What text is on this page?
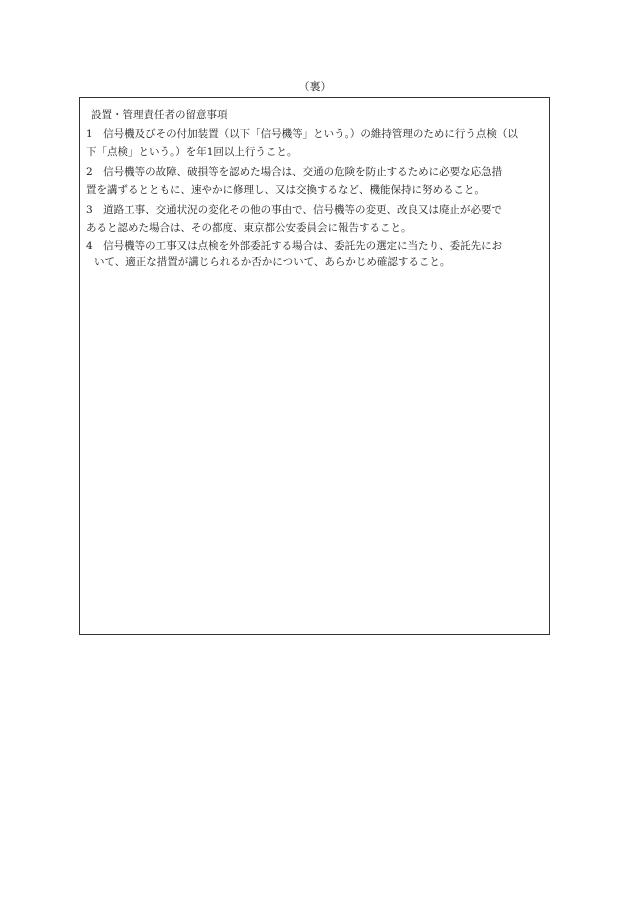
（裏）
設置・管理責任者の留意事項
1　信号機及びその付加装置（以下「信号機等」という。）の維持管理のために行う点検（以
下「点検」という。）を年1回以上行うこと。
2　信号機等の故障、破損等を認めた場合は、交通の危険を防止するために必要な応急措
置を講ずるとともに、速やかに修理し、又は交換するなど、機能保持に努めること。
3　道路工事、交通状況の変化その他の事由で、信号機等の変更、改良又は廃止が必要で
あると認めた場合は、その都度、東京都公安委員会に報告すること。
4　信号機等の工事又は点検を外部委託する場合は、委託先の選定に当たり、委託先にお
いて、適正な措置が講じられるか否かについて、あらかじめ確認すること。
